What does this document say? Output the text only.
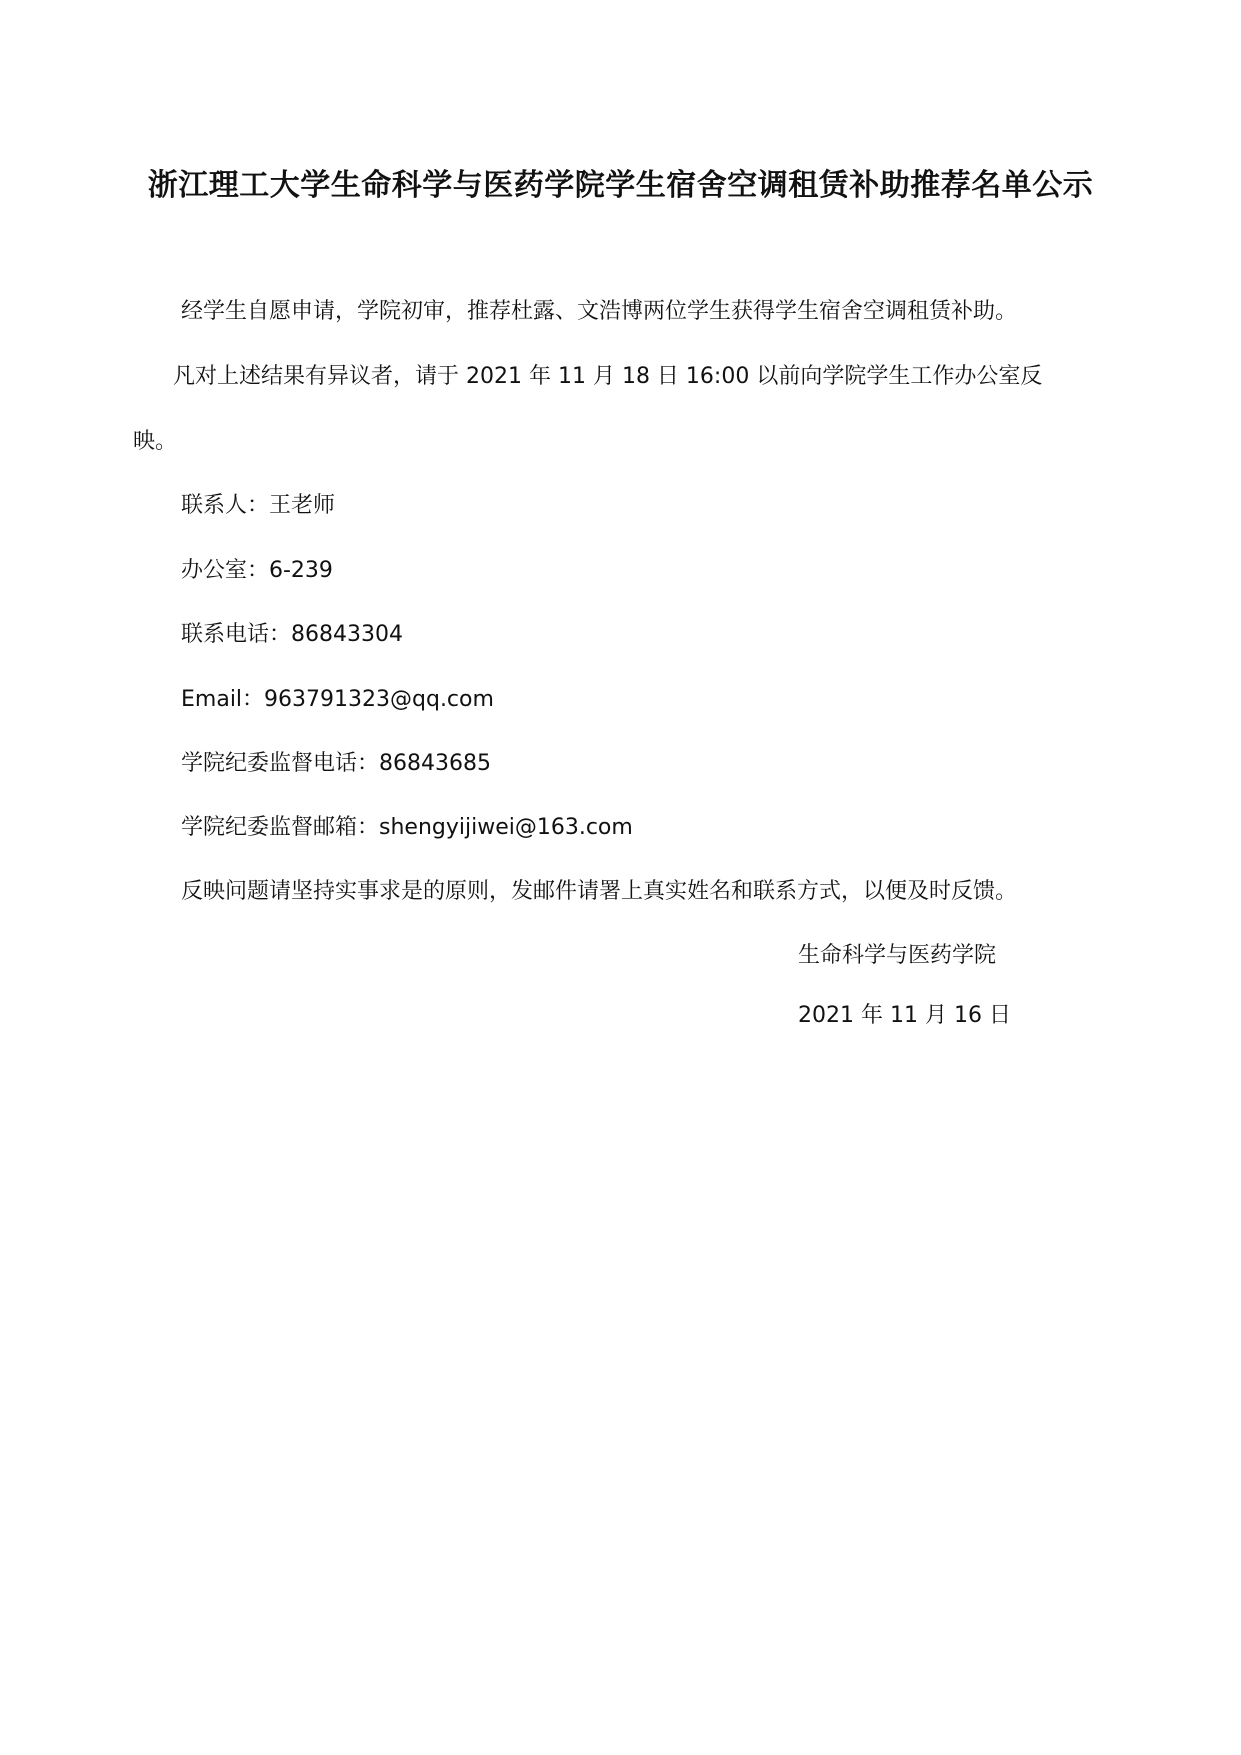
浙江理工大学生命科学与医药学院学生宿舍空调租赁补助推荐名单公示
经学生自愿申请，学院初审，推荐杜露、文浩博两位学生获得学生宿舍空调租赁补助。
凡对上述结果有异议者，请于 2021 年 11 月 18 日 16:00 以前向学院学生工作办公室反
映。
联系人：王老师
办公室：6-239
联系电话：86843304
Email：963791323@qq.com
学院纪委监督电话：86843685
学院纪委监督邮箱：shengyijiwei@163.com
反映问题请坚持实事求是的原则，发邮件请署上真实姓名和联系方式，以便及时反馈。
生命科学与医药学院
2021 年 11 月 16 日
